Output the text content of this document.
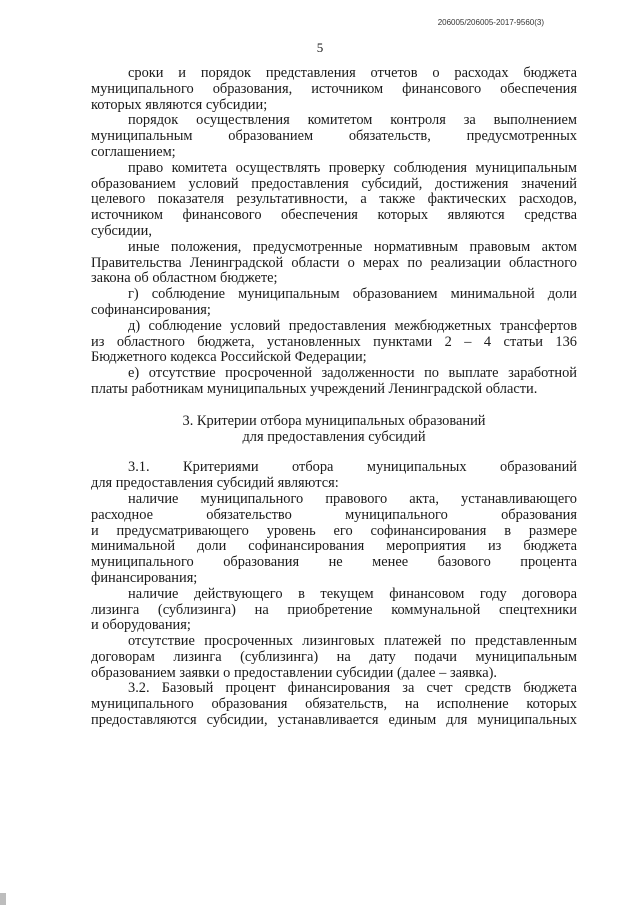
206005/206005-2017-9560(3)
5
сроки и порядок представления отчетов о расходах бюджета
муниципального образования, источником финансового обеспечения
которых являются субсидии;
порядок осуществления комитетом контроля за выполнением
муниципальным образованием обязательств, предусмотренных
соглашением;
право комитета осуществлять проверку соблюдения муниципальным
образованием условий предоставления субсидий, достижения значений
целевого показателя результативности, а также фактических расходов,
источником финансового обеспечения которых являются средства
субсидии,
иные положения, предусмотренные нормативным правовым актом
Правительства Ленинградской области о мерах по реализации областного
закона об областном бюджете;
г) соблюдение муниципальным образованием минимальной доли
софинансирования;
д) соблюдение условий предоставления межбюджетных трансфертов
из областного бюджета, установленных пунктами 2 – 4 статьи 136
Бюджетного кодекса Российской Федерации;
е) отсутствие просроченной задолженности по выплате заработной
платы работникам муниципальных учреждений Ленинградской области.
3. Критерии отбора муниципальных образований
для предоставления субсидий
3.1. Критериями отбора муниципальных образований
для предоставления субсидий являются:
наличие муниципального правового акта, устанавливающего
расходное обязательство муниципального образования
и предусматривающего уровень его софинансирования в размере
минимальной доли софинансирования мероприятия из бюджета
муниципального образования не менее базового процента
финансирования;
наличие действующего в текущем финансовом году договора
лизинга (сублизинга) на приобретение коммунальной спецтехники
и оборудования;
отсутствие просроченных лизинговых платежей по представленным
договорам лизинга (сублизинга) на дату подачи муниципальным
образованием заявки о предоставлении субсидии (далее – заявка).
3.2. Базовый процент финансирования за счет средств бюджета
муниципального образования обязательств, на исполнение которых
предоставляются субсидии, устанавливается единым для муниципальных
